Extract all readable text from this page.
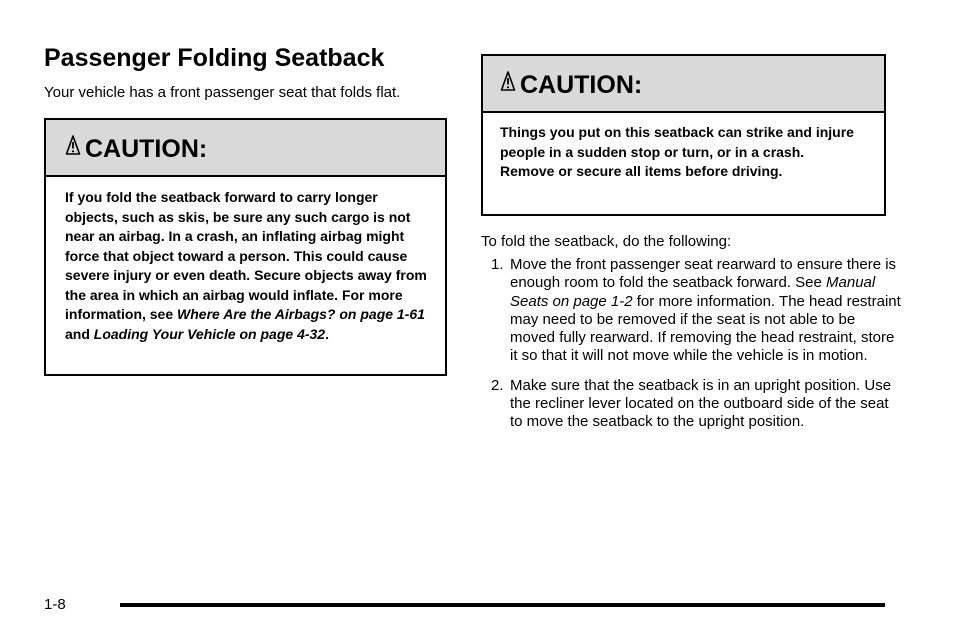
Passenger Folding Seatback

Your vehicle has a front passenger seat that folds flat.

CAUTION:

If you fold the seatback forward to carry longer objects, such as skis, be sure any such cargo is not near an airbag. In a crash, an inflating airbag might force that object toward a person. This could cause severe injury or even death. Secure objects away from the area in which an airbag would inflate. For more information, see Where Are the Airbags? on page 1-61 and Loading Your Vehicle on page 4-32.

CAUTION:

Things you put on this seatback can strike and injure people in a sudden stop or turn, or in a crash. Remove or secure all items before driving.

To fold the seatback, do the following:

1. Move the front passenger seat rearward to ensure there is enough room to fold the seatback forward. See Manual Seats on page 1-2 for more information. The head restraint may need to be removed if the seat is not able to be moved fully rearward. If removing the head restraint, store it so that it will not move while the vehicle is in motion.
2. Make sure that the seatback is in an upright position. Use the recliner lever located on the outboard side of the seat to move the seatback to the upright position.

1-8
